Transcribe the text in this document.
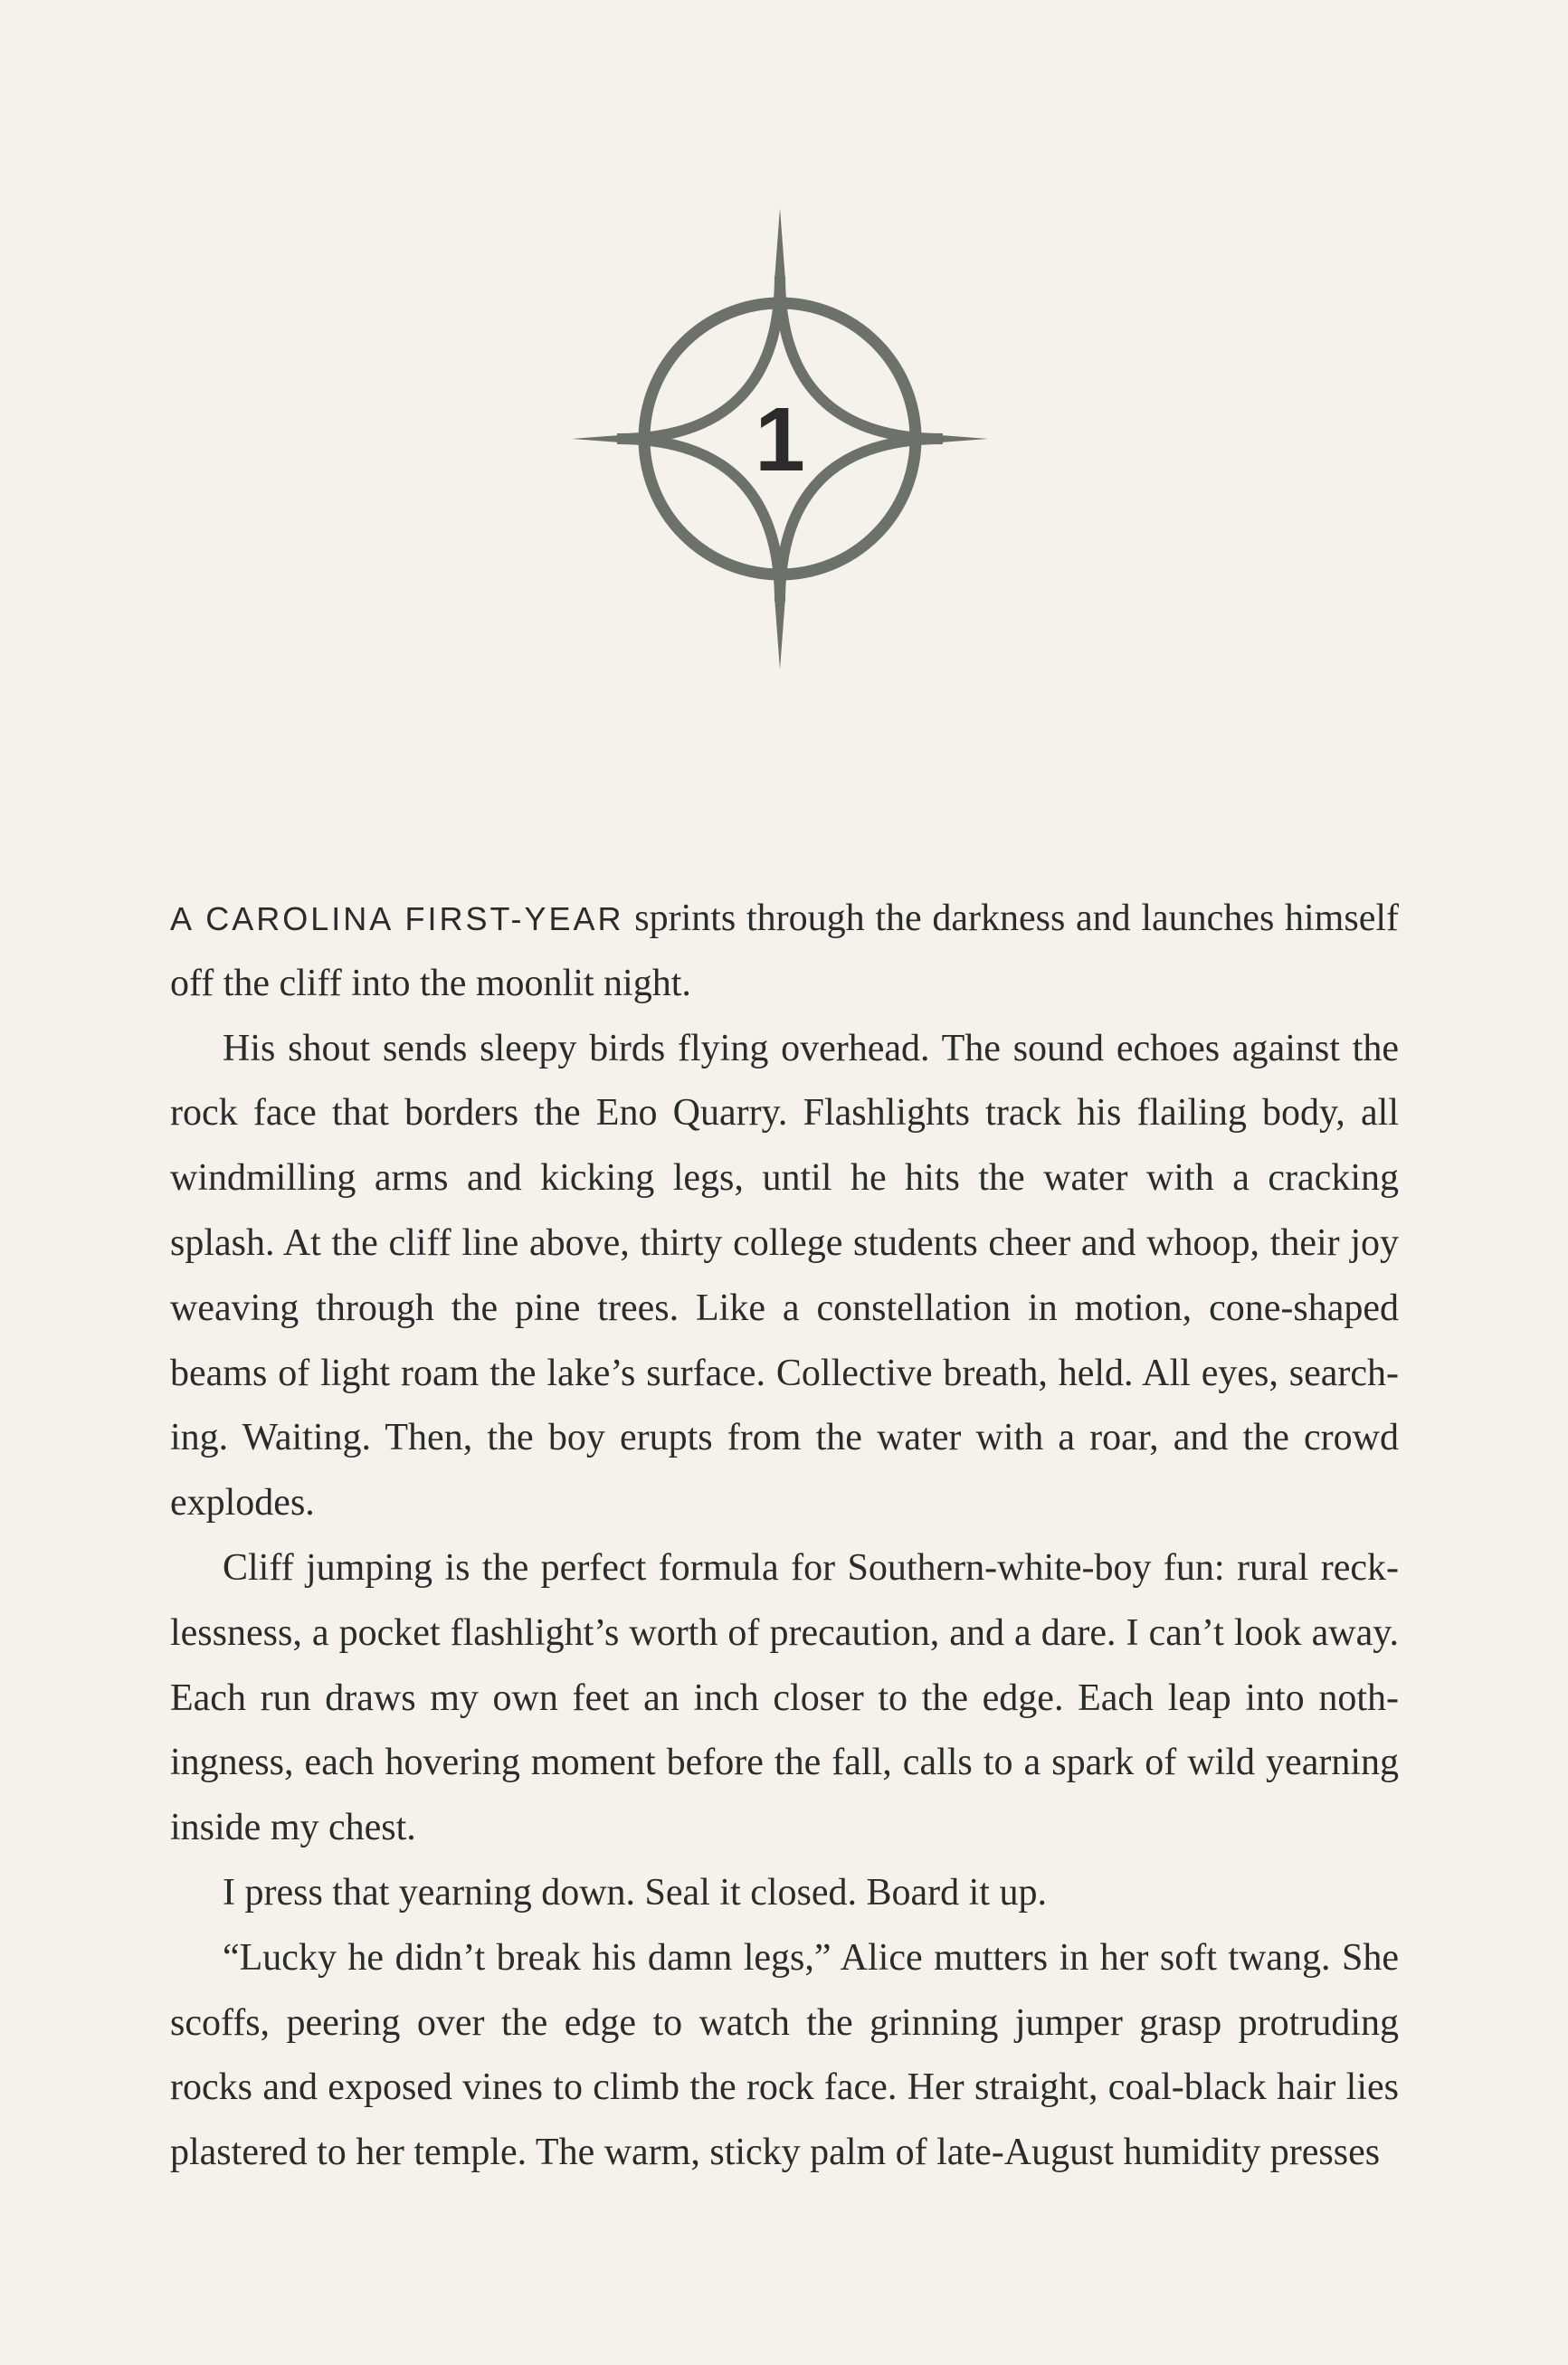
1

A CAROLINA FIRST-YEAR sprints through the darkness and launches himself off the cliff into the moonlit night.

His shout sends sleepy birds flying overhead. The sound echoes against the rock face that borders the Eno Quarry. Flashlights track his flailing body, all windmilling arms and kicking legs, until he hits the water with a cracking splash. At the cliff line above, thirty college students cheer and whoop, their joy weaving through the pine trees. Like a constellation in motion, cone-shaped beams of light roam the lake’s surface. Collective breath, held. All eyes, searching. Waiting. Then, the boy erupts from the water with a roar, and the crowd explodes.

Cliff jumping is the perfect formula for Southern-white-boy fun: rural recklessness, a pocket flashlight’s worth of precaution, and a dare. I can’t look away. Each run draws my own feet an inch closer to the edge. Each leap into nothingness, each hovering moment before the fall, calls to a spark of wild yearning inside my chest.

I press that yearning down. Seal it closed. Board it up.

“Lucky he didn’t break his damn legs,” Alice mutters in her soft twang. She scoffs, peering over the edge to watch the grinning jumper grasp protruding rocks and exposed vines to climb the rock face. Her straight, coal-black hair lies plastered to her temple. The warm, sticky palm of late-August humidity presses
